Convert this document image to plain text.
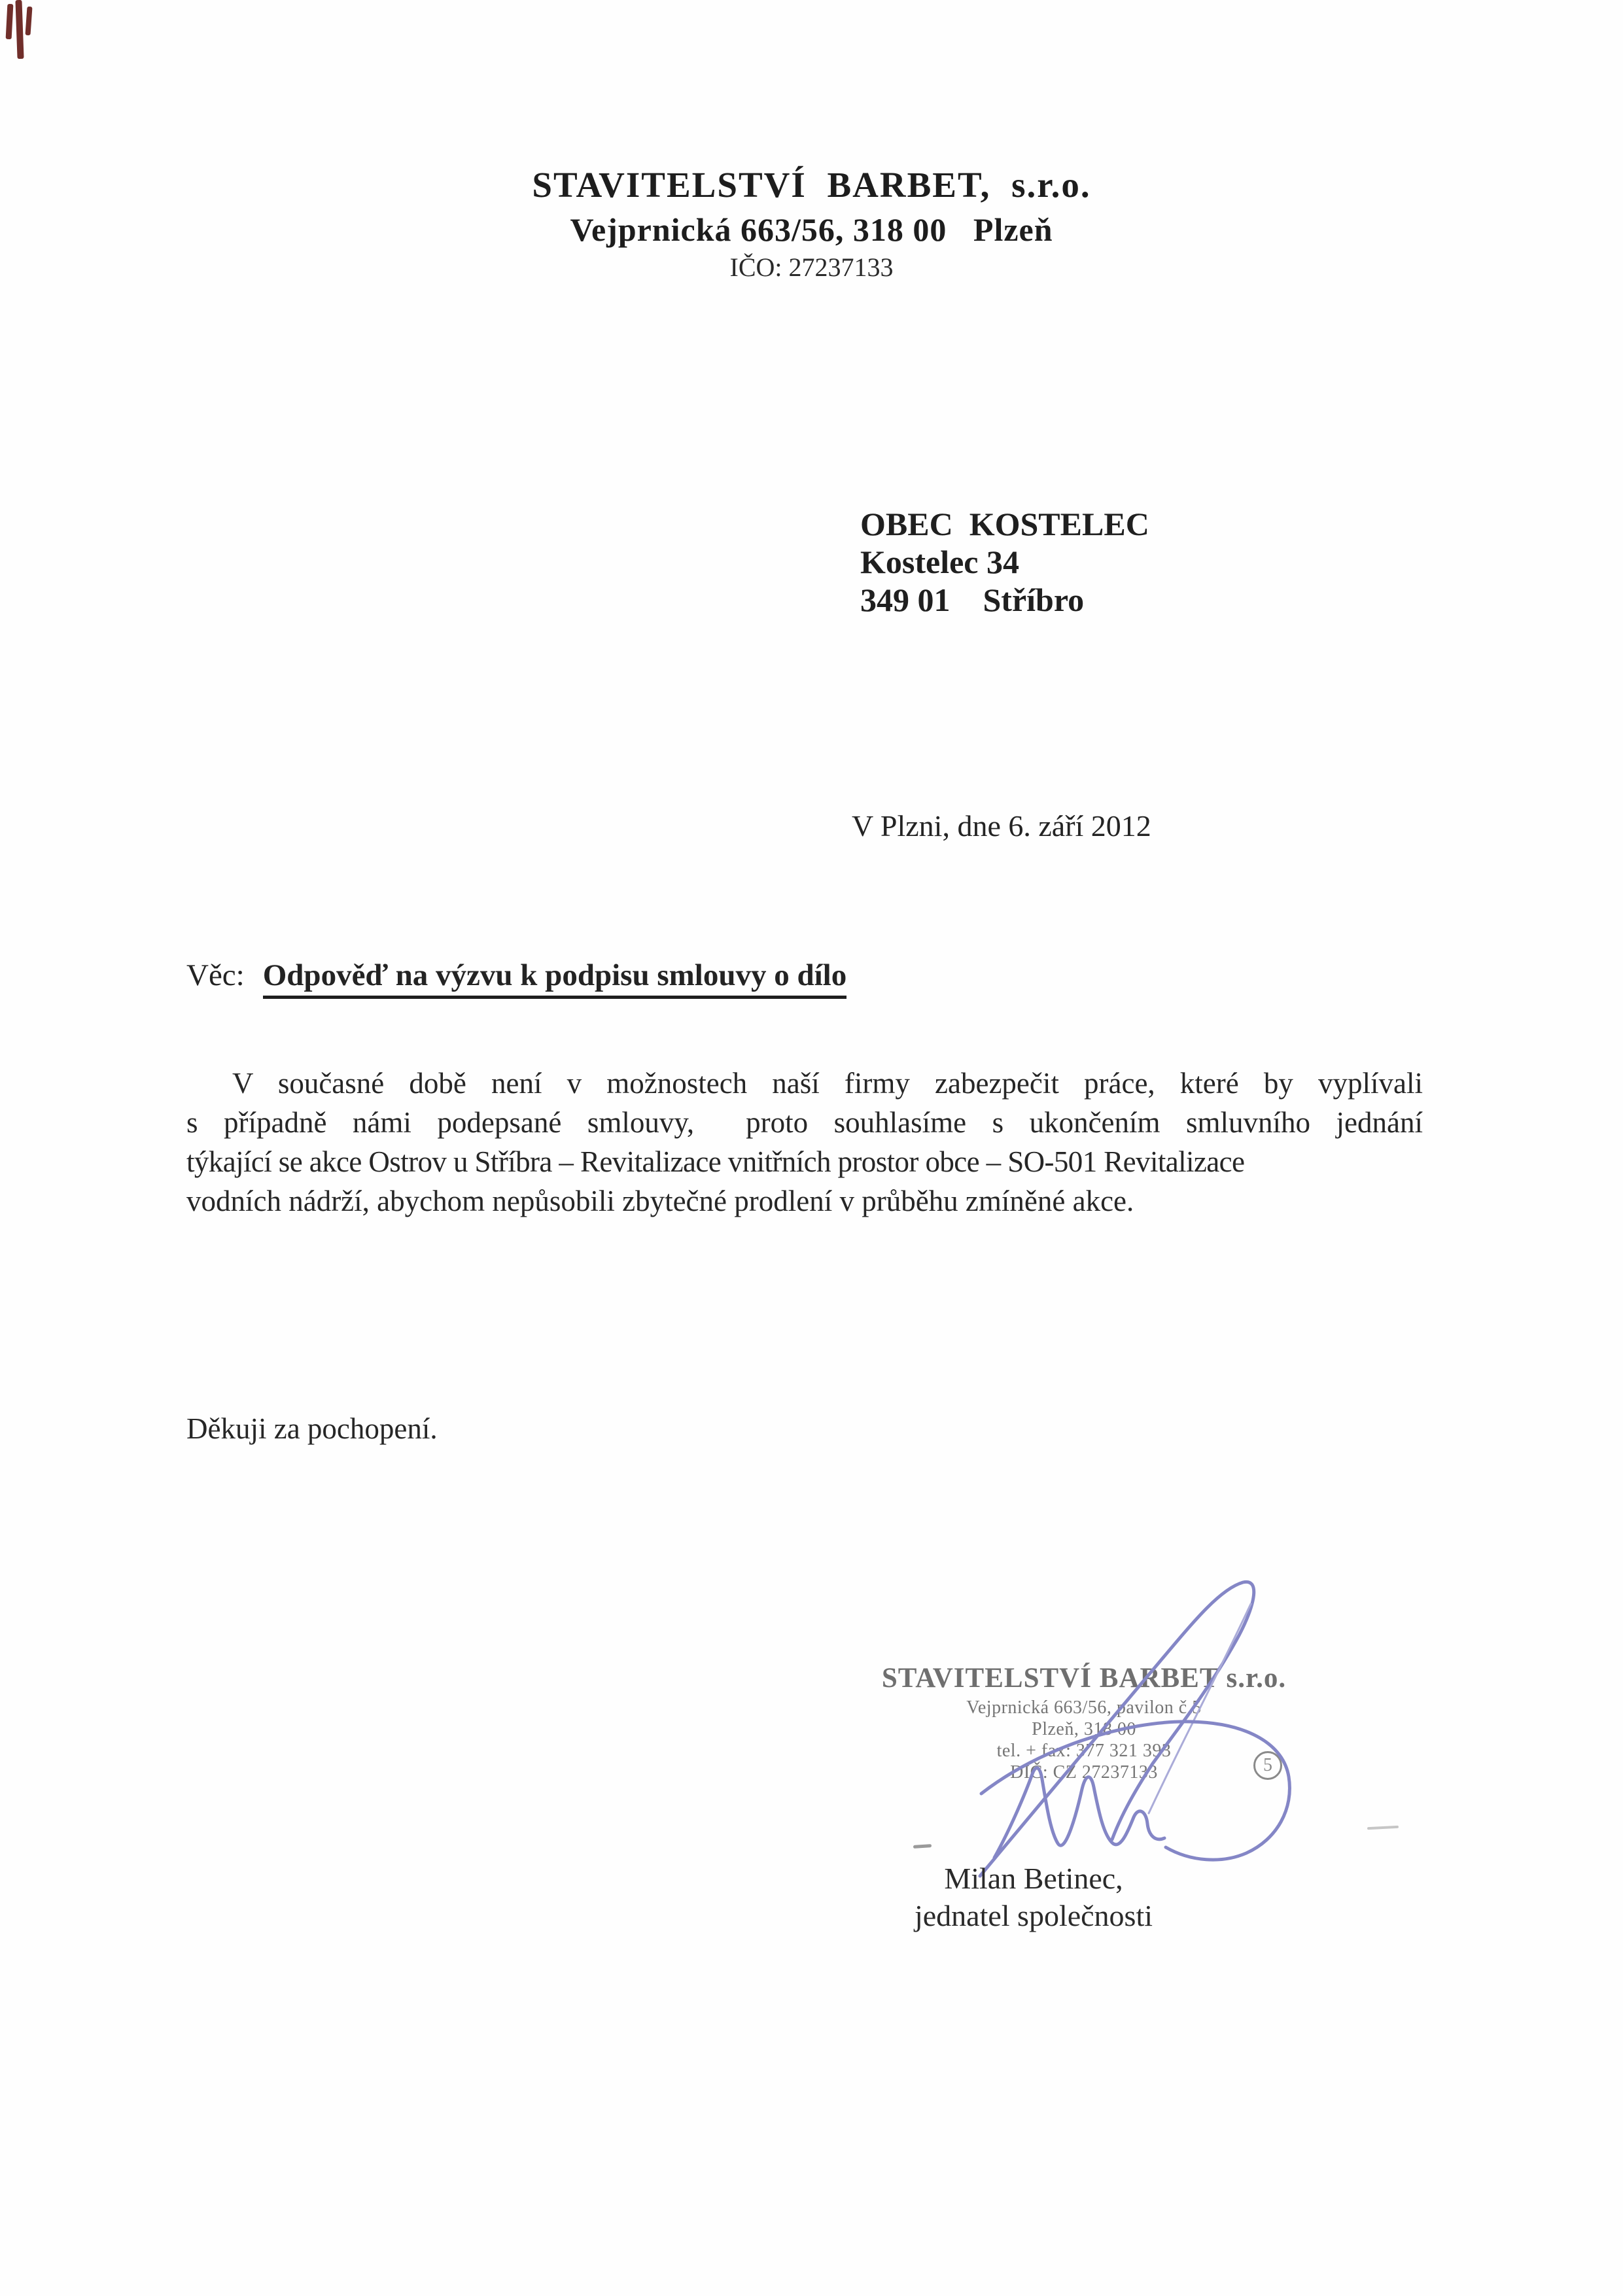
STAVITELSTVÍ BARBET, s.r.o.
Vejprnická 663/56, 318 00   Plzeň
IČO: 27237133
OBEC  KOSTELEC
Kostelec 34
349 01    Stříbro
V Plzni, dne 6. září 2012
Věc: Odpověď na výzvu k podpisu smlouvy o dílo
V současné době není v možnostech naší firmy zabezpečit práce, které by vyplívali
s případně námi podepsané smlouvy,  proto souhlasíme s ukončením smluvního jednání
týkající se akce Ostrov u Stříbra – Revitalizace vnitřních prostor obce – SO-501 Revitalizace
vodních nádrží, abychom nepůsobili zbytečné prodlení v průběhu zmíněné akce.
Děkuji za pochopení.
STAVITELSTVÍ BARBET s.r.o.
Vejprnická 663/56, pavilon č.5
Plzeň, 318 00
tel. + fax: 377 321 393
DIČ: CZ 27237133	5
Milan Betinec,
jednatel společnosti
